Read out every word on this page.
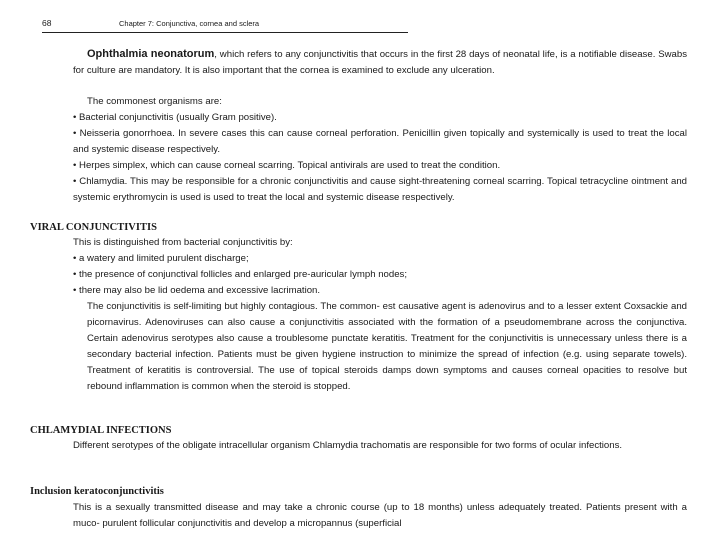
68	Chapter 7: Conjunctiva, cornea and sclera

Ophthalmia neonatorum, which refers to any conjunctivitis that occurs in the first 28 days of neonatal life, is a notifiable disease. Swabs for culture are mandatory. It is also important that the cornea is examined to exclude any ulceration.

The commonest organisms are:
• Bacterial conjunctivitis (usually Gram positive).
• Neisseria gonorrhoea. In severe cases this can cause corneal perforation. Penicillin given topically and systemically is used to treat the local and systemic disease respectively.
• Herpes simplex, which can cause corneal scarring. Topical antivirals are used to treat the condition.
• Chlamydia. This may be responsible for a chronic conjunctivitis and cause sight-threatening corneal scarring. Topical tetracycline ointment and systemic erythromycin is used is used to treat the local and systemic disease respectively.
VIRAL CONJUNCTIVITIS
This is distinguished from bacterial conjunctivitis by:
• a watery and limited purulent discharge;
• the presence of conjunctival follicles and enlarged pre-auricular lymph nodes;
• there may also be lid oedema and excessive lacrimation.
The conjunctivitis is self-limiting but highly contagious. The common- est causative agent is adenovirus and to a lesser extent Coxsackie and picornavirus. Adenoviruses can also cause a conjunctivitis associated with the formation of a pseudomembrane across the conjunctiva. Certain adenovirus serotypes also cause a troublesome punctate keratitis. Treatment for the conjunctivitis is unnecessary unless there is a secondary bacterial infection. Patients must be given hygiene instruction to minimize the spread of infection (e.g. using separate towels). Treatment of keratitis is controversial. The use of topical steroids damps down symptoms and causes corneal opacities to resolve but rebound inflammation is common when the steroid is stopped.
CHLAMYDIAL INFECTIONS

Different serotypes of the obligate intracellular organism Chlamydia trachomatis are responsible for two forms of ocular infections.

Inclusion keratoconjunctivitis

This is a sexually transmitted disease and may take a chronic course (up to 18 months) unless adequately treated. Patients present with a muco- purulent follicular conjunctivitis and develop a micropannus (superficial
